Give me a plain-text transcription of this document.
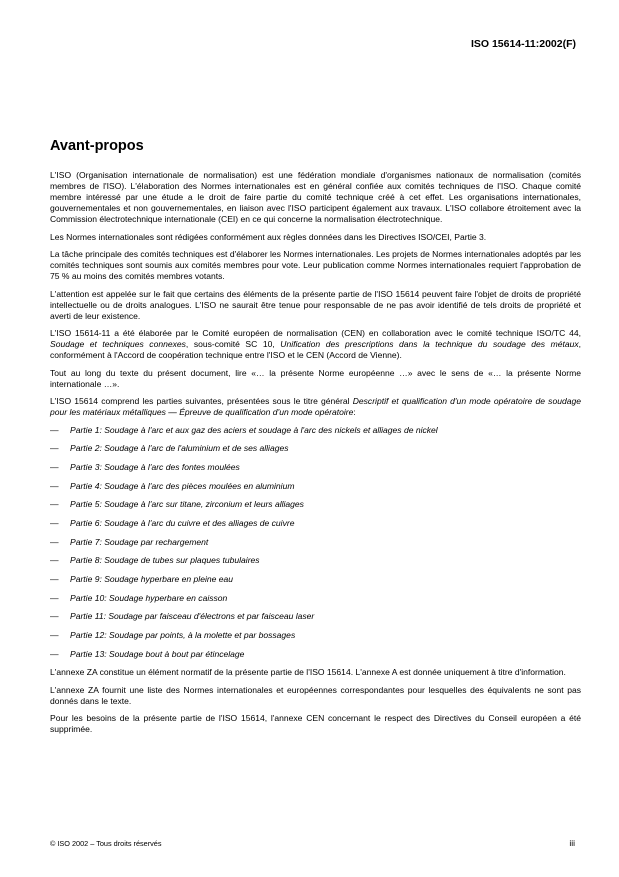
ISO 15614-11:2002(F)
Avant-propos

L'ISO (Organisation internationale de normalisation) est une fédération mondiale d'organismes nationaux de normalisation (comités membres de l'ISO). L'élaboration des Normes internationales est en général confiée aux comités techniques de l'ISO. Chaque comité membre intéressé par une étude a le droit de faire partie du comité technique créé à cet effet. Les organisations internationales, gouvernementales et non gouvernementales, en liaison avec l'ISO participent également aux travaux. L'ISO collabore étroitement avec la Commission électrotechnique internationale (CEI) en ce qui concerne la normalisation électrotechnique.

Les Normes internationales sont rédigées conformément aux règles données dans les Directives ISO/CEI, Partie 3.

La tâche principale des comités techniques est d'élaborer les Normes internationales. Les projets de Normes internationales adoptés par les comités techniques sont soumis aux comités membres pour vote. Leur publication comme Normes internationales requiert l'approbation de 75 % au moins des comités membres votants.

L'attention est appelée sur le fait que certains des éléments de la présente partie de l'ISO 15614 peuvent faire l'objet de droits de propriété intellectuelle ou de droits analogues. L'ISO ne saurait être tenue pour responsable de ne pas avoir identifié de tels droits de propriété et averti de leur existence.

L'ISO 15614-11 a été élaborée par le Comité européen de normalisation (CEN) en collaboration avec le comité technique ISO/TC 44, Soudage et techniques connexes, sous-comité SC 10, Unification des prescriptions dans la technique du soudage des métaux, conformément à l'Accord de coopération technique entre l'ISO et le CEN (Accord de Vienne).

Tout au long du texte du présent document, lire «… la présente Norme européenne …» avec le sens de «… la présente Norme internationale …».

L'ISO 15614 comprend les parties suivantes, présentées sous le titre général Descriptif et qualification d'un mode opératoire de soudage pour les matériaux métalliques — Épreuve de qualification d'un mode opératoire:

— Partie 1: Soudage à l'arc et aux gaz des aciers et soudage à l'arc des nickels et alliages de nickel
— Partie 2: Soudage à l'arc de l'aluminium et de ses alliages
— Partie 3: Soudage à l'arc des fontes moulées
— Partie 4: Soudage à l'arc des pièces moulées en aluminium
— Partie 5: Soudage à l'arc sur titane, zirconium et leurs alliages
— Partie 6: Soudage à l'arc du cuivre et des alliages de cuivre
— Partie 7: Soudage par rechargement
— Partie 8: Soudage de tubes sur plaques tubulaires
— Partie 9: Soudage hyperbare en pleine eau
— Partie 10: Soudage hyperbare en caisson
— Partie 11: Soudage par faisceau d'électrons et par faisceau laser
— Partie 12: Soudage par points, à la molette et par bossages
— Partie 13: Soudage bout à bout par étincelage

L'annexe ZA constitue un élément normatif de la présente partie de l'ISO 15614. L'annexe A est donnée uniquement à titre d'information.

L'annexe ZA fournit une liste des Normes internationales et européennes correspondantes pour lesquelles des équivalents ne sont pas donnés dans le texte.

Pour les besoins de la présente partie de l'ISO 15614, l'annexe CEN concernant le respect des Directives du Conseil européen a été supprimée.

© ISO 2002 – Tous droits réservés	iii
